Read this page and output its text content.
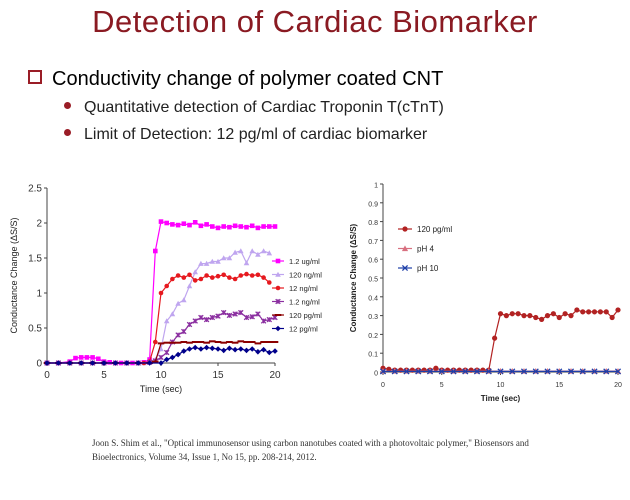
Detection of Cardiac Biomarker
Conductivity change of polymer coated CNT
Quantitative detection of Cardiac Troponin T(cTnT)
Limit of Detection: 12 pg/ml of cardiac biomarker
0
0.5
1
1.5
2
2.5
0	5	10	15	20
Time (sec)
Conductance Change (ΔS/S)	1.2 ug/ml
120 ng/ml
12 ng/ml
1.2 ng/ml
120 pg/ml
12 pg/ml
0
0.1
0.2
0.3
0.4
0.5
0.6
0.7
0.8
0.9
1
0	5	10	15	20
Time (sec)
Conductance Change (ΔS/S)	120 pg/ml
pH 4
pH 10
Joon S. Shim et al., "Optical immunosensor using carbon nanotubes coated with a photovoltaic polymer," Biosensors and
Bioelectronics, Volume 34, Issue 1, No 15, pp. 208-214, 2012.
